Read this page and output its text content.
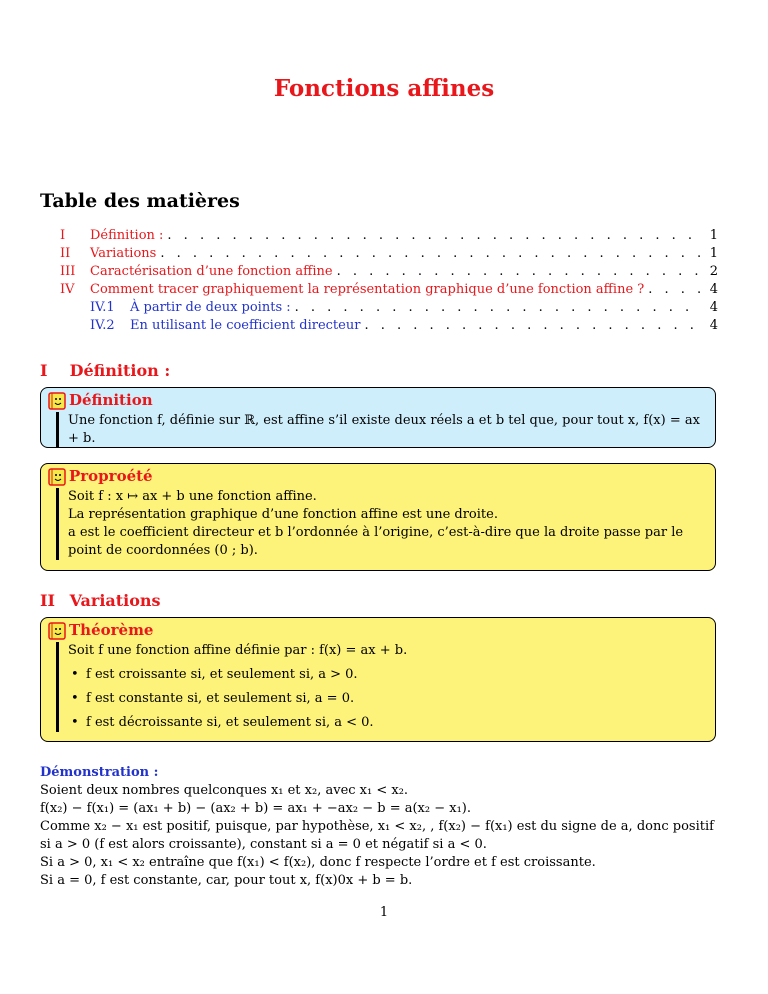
Fonctions affines
Table des matières
I	Définition : . . .	1
II	Variations . . .	1
III	Caractérisation d’une fonction affine . . .	2
IV	Comment tracer graphiquement la représentation graphique d’une fonction affine ? . . .	4
IV.1	À partir de deux points : . . .	4
IV.2	En utilisant le coefficient directeur . . .	4
I Définition :
Définition

Une fonction f, définie sur ℝ, est affine s’il existe deux réels a et b tel que, pour tout x, f(x) = ax + b.

Proproété

Soit f : x ↦ ax + b une fonction affine.

La représentation graphique d’une fonction affine est une droite.

a est le coefficient directeur et b l’ordonnée à l’origine, c’est-à-dire que la droite passe par le point de coordonnées (0 ; b).

II Variations
Théorème

Soit f une fonction affine définie par : f(x) = ax + b.

• f est croissante si, et seulement si, a > 0.
• f est constante si, et seulement si, a = 0.
• f est décroissante si, et seulement si, a < 0.

Démonstration :

Soient deux nombres quelconques x₁ et x₂, avec x₁ < x₂.

f(x₂) − f(x₁) = (ax₁ + b) − (ax₂ + b) = ax₁ + −ax₂ − b = a(x₂ − x₁).

Comme x₂ − x₁ est positif, puisque, par hypothèse, x₁ < x₂, , f(x₂) − f(x₁) est du signe de a, donc positif si a > 0 (f est alors croissante), constant si a = 0 et négatif si a < 0.

Si a > 0, x₁ < x₂ entraîne que f(x₁) < f(x₂), donc f respecte l’ordre et f est croissante.

Si a = 0, f est constante, car, pour tout x, f(x)0x + b = b.

1
